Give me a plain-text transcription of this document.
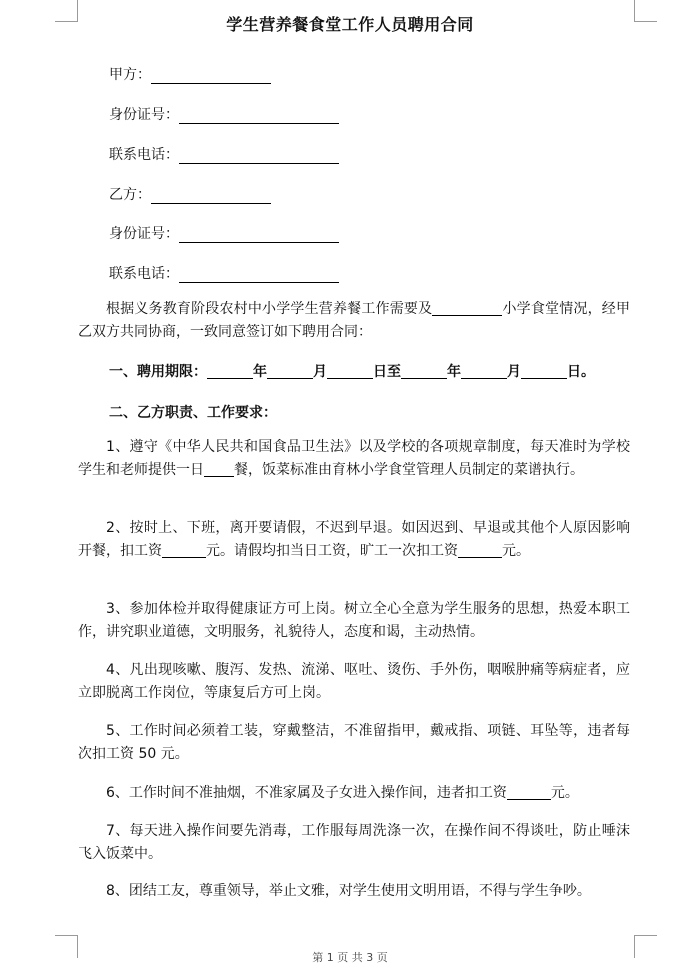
学生营养餐食堂工作人员聘用合同
甲方：
身份证号：
联系电话：
乙方：
身份证号：
联系电话：

根据义务教育阶段农村中小学学生营养餐工作需要及	小学食堂情况，经甲乙双方共同协商，一致同意签订如下聘用合同：

一、聘用期限：	年	月	日至	年	月	日。
二、乙方职责、工作要求：

1、遵守《中华人民共和国食品卫生法》以及学校的各项规章制度，每天准时为学校学生和老师提供一日 餐，饭菜标准由育林小学食堂管理人员制定的菜谱执行。

2、按时上、下班，离开要请假，不迟到早退。如因迟到、早退或其他个人原因影响开餐，扣工资	元。请假均扣当日工资，旷工一次扣工资	元。

3、参加体检并取得健康证方可上岗。树立全心全意为学生服务的思想，热爱本职工作，讲究职业道德，文明服务，礼貌待人，态度和谒，主动热情。

4、凡出现咳嗽、腹泻、发热、流涕、呕吐、烫伤、手外伤，咽喉肿痛等病症者，应立即脱离工作岗位，等康复后方可上岗。

5、工作时间必须着工装，穿戴整洁，不准留指甲，戴戒指、项链、耳坠等，违者每次扣工资 50 元。

6、工作时间不准抽烟，不准家属及子女进入操作间，违者扣工资	元。

7、每天进入操作间要先消毒，工作服每周洗涤一次，在操作间不得谈吐，防止唾沫飞入饭菜中。

8、团结工友，尊重领导，举止文雅，对学生使用文明用语，不得与学生争吵。

第 1 页 共 3 页
